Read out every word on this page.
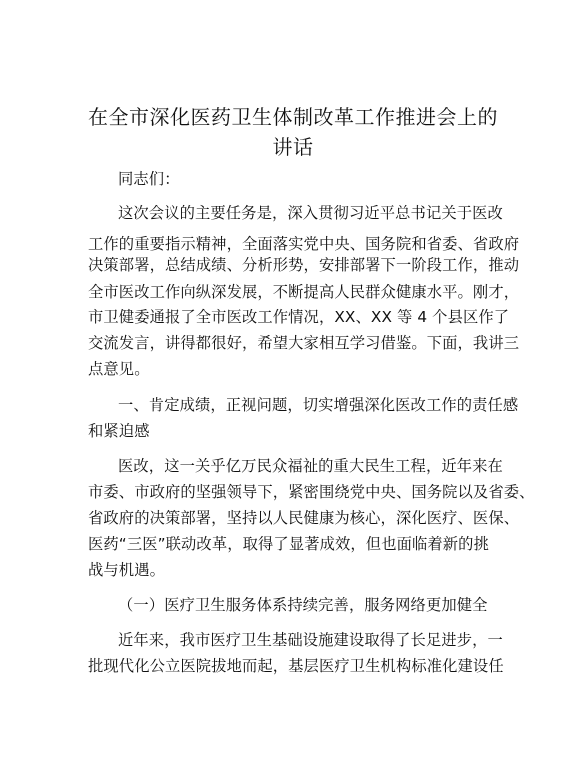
在全市深化医药卫生体制改革工作推进会上的
讲话
同志们：
这次会议的主要任务是，深入贯彻习近平总书记关于医改
工作的重要指示精神，全面落实党中央、国务院和省委、省政府
决策部署，总结成绩、分析形势，安排部署下一阶段工作，推动
全市医改工作向纵深发展，不断提高人民群众健康水平。刚才，
市卫健委通报了全市医改工作情况，XX、XX 等 4 个县区作了
交流发言，讲得都很好，希望大家相互学习借鉴。下面，我讲三
点意见。
一、肯定成绩，正视问题，切实增强深化医改工作的责任感
和紧迫感
医改，这一关乎亿万民众福祉的重大民生工程，近年来在
市委、市政府的坚强领导下，紧密围绕党中央、国务院以及省委、
省政府的决策部署，坚持以人民健康为核心，深化医疗、医保、
医药“三医”联动改革，取得了显著成效，但也面临着新的挑
战与机遇。
（一）医疗卫生服务体系持续完善，服务网络更加健全
近年来，我市医疗卫生基础设施建设取得了长足进步，一
批现代化公立医院拔地而起，基层医疗卫生机构标准化建设任
